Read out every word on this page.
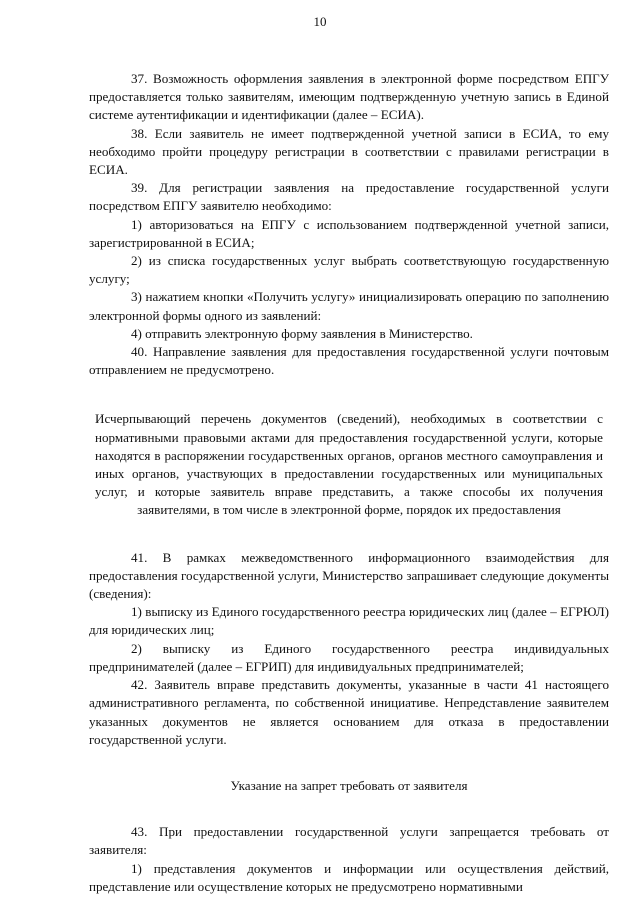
10

37. Возможность оформления заявления в электронной форме посредством ЕПГУ предоставляется только заявителям, имеющим подтвержденную учетную запись в Единой системе аутентификации и идентификации (далее – ЕСИА).

38. Если заявитель не имеет подтвержденной учетной записи в ЕСИА, то ему необходимо пройти процедуру регистрации в соответствии с правилами регистрации в ЕСИА.

39. Для регистрации заявления на предоставление государственной услуги посредством ЕПГУ заявителю необходимо:

1) авторизоваться на ЕПГУ с использованием подтвержденной учетной записи, зарегистрированной в ЕСИА;

2) из списка государственных услуг выбрать соответствующую государственную услугу;

3) нажатием кнопки «Получить услугу» инициализировать операцию по заполнению электронной формы одного из заявлений:

4) отправить электронную форму заявления в Министерство.

40. Направление заявления для предоставления государственной услуги почтовым отправлением не предусмотрено.

Исчерпывающий перечень документов (сведений), необходимых в соответствии с нормативными правовыми актами для предоставления государственной услуги, которые находятся в распоряжении государственных органов, органов местного самоуправления и иных органов, участвующих в предоставлении государственных или муниципальных услуг, и которые заявитель вправе представить, а также способы их получения заявителями, в том числе в электронной форме, порядок их предоставления

41. В рамках межведомственного информационного взаимодействия для предоставления государственной услуги, Министерство запрашивает следующие документы (сведения):

1) выписку из Единого государственного реестра юридических лиц (далее – ЕГРЮЛ) для юридических лиц;

2) выписку из Единого государственного реестра индивидуальных предпринимателей (далее – ЕГРИП) для индивидуальных предпринимателей;

42. Заявитель вправе представить документы, указанные в части 41 настоящего административного регламента, по собственной инициативе. Непредставление заявителем указанных документов не является основанием для отказа в предоставлении государственной услуги.

Указание на запрет требовать от заявителя

43. При предоставлении государственной услуги запрещается требовать от заявителя:

1) представления документов и информации или осуществления действий, представление или осуществление которых не предусмотрено нормативными
